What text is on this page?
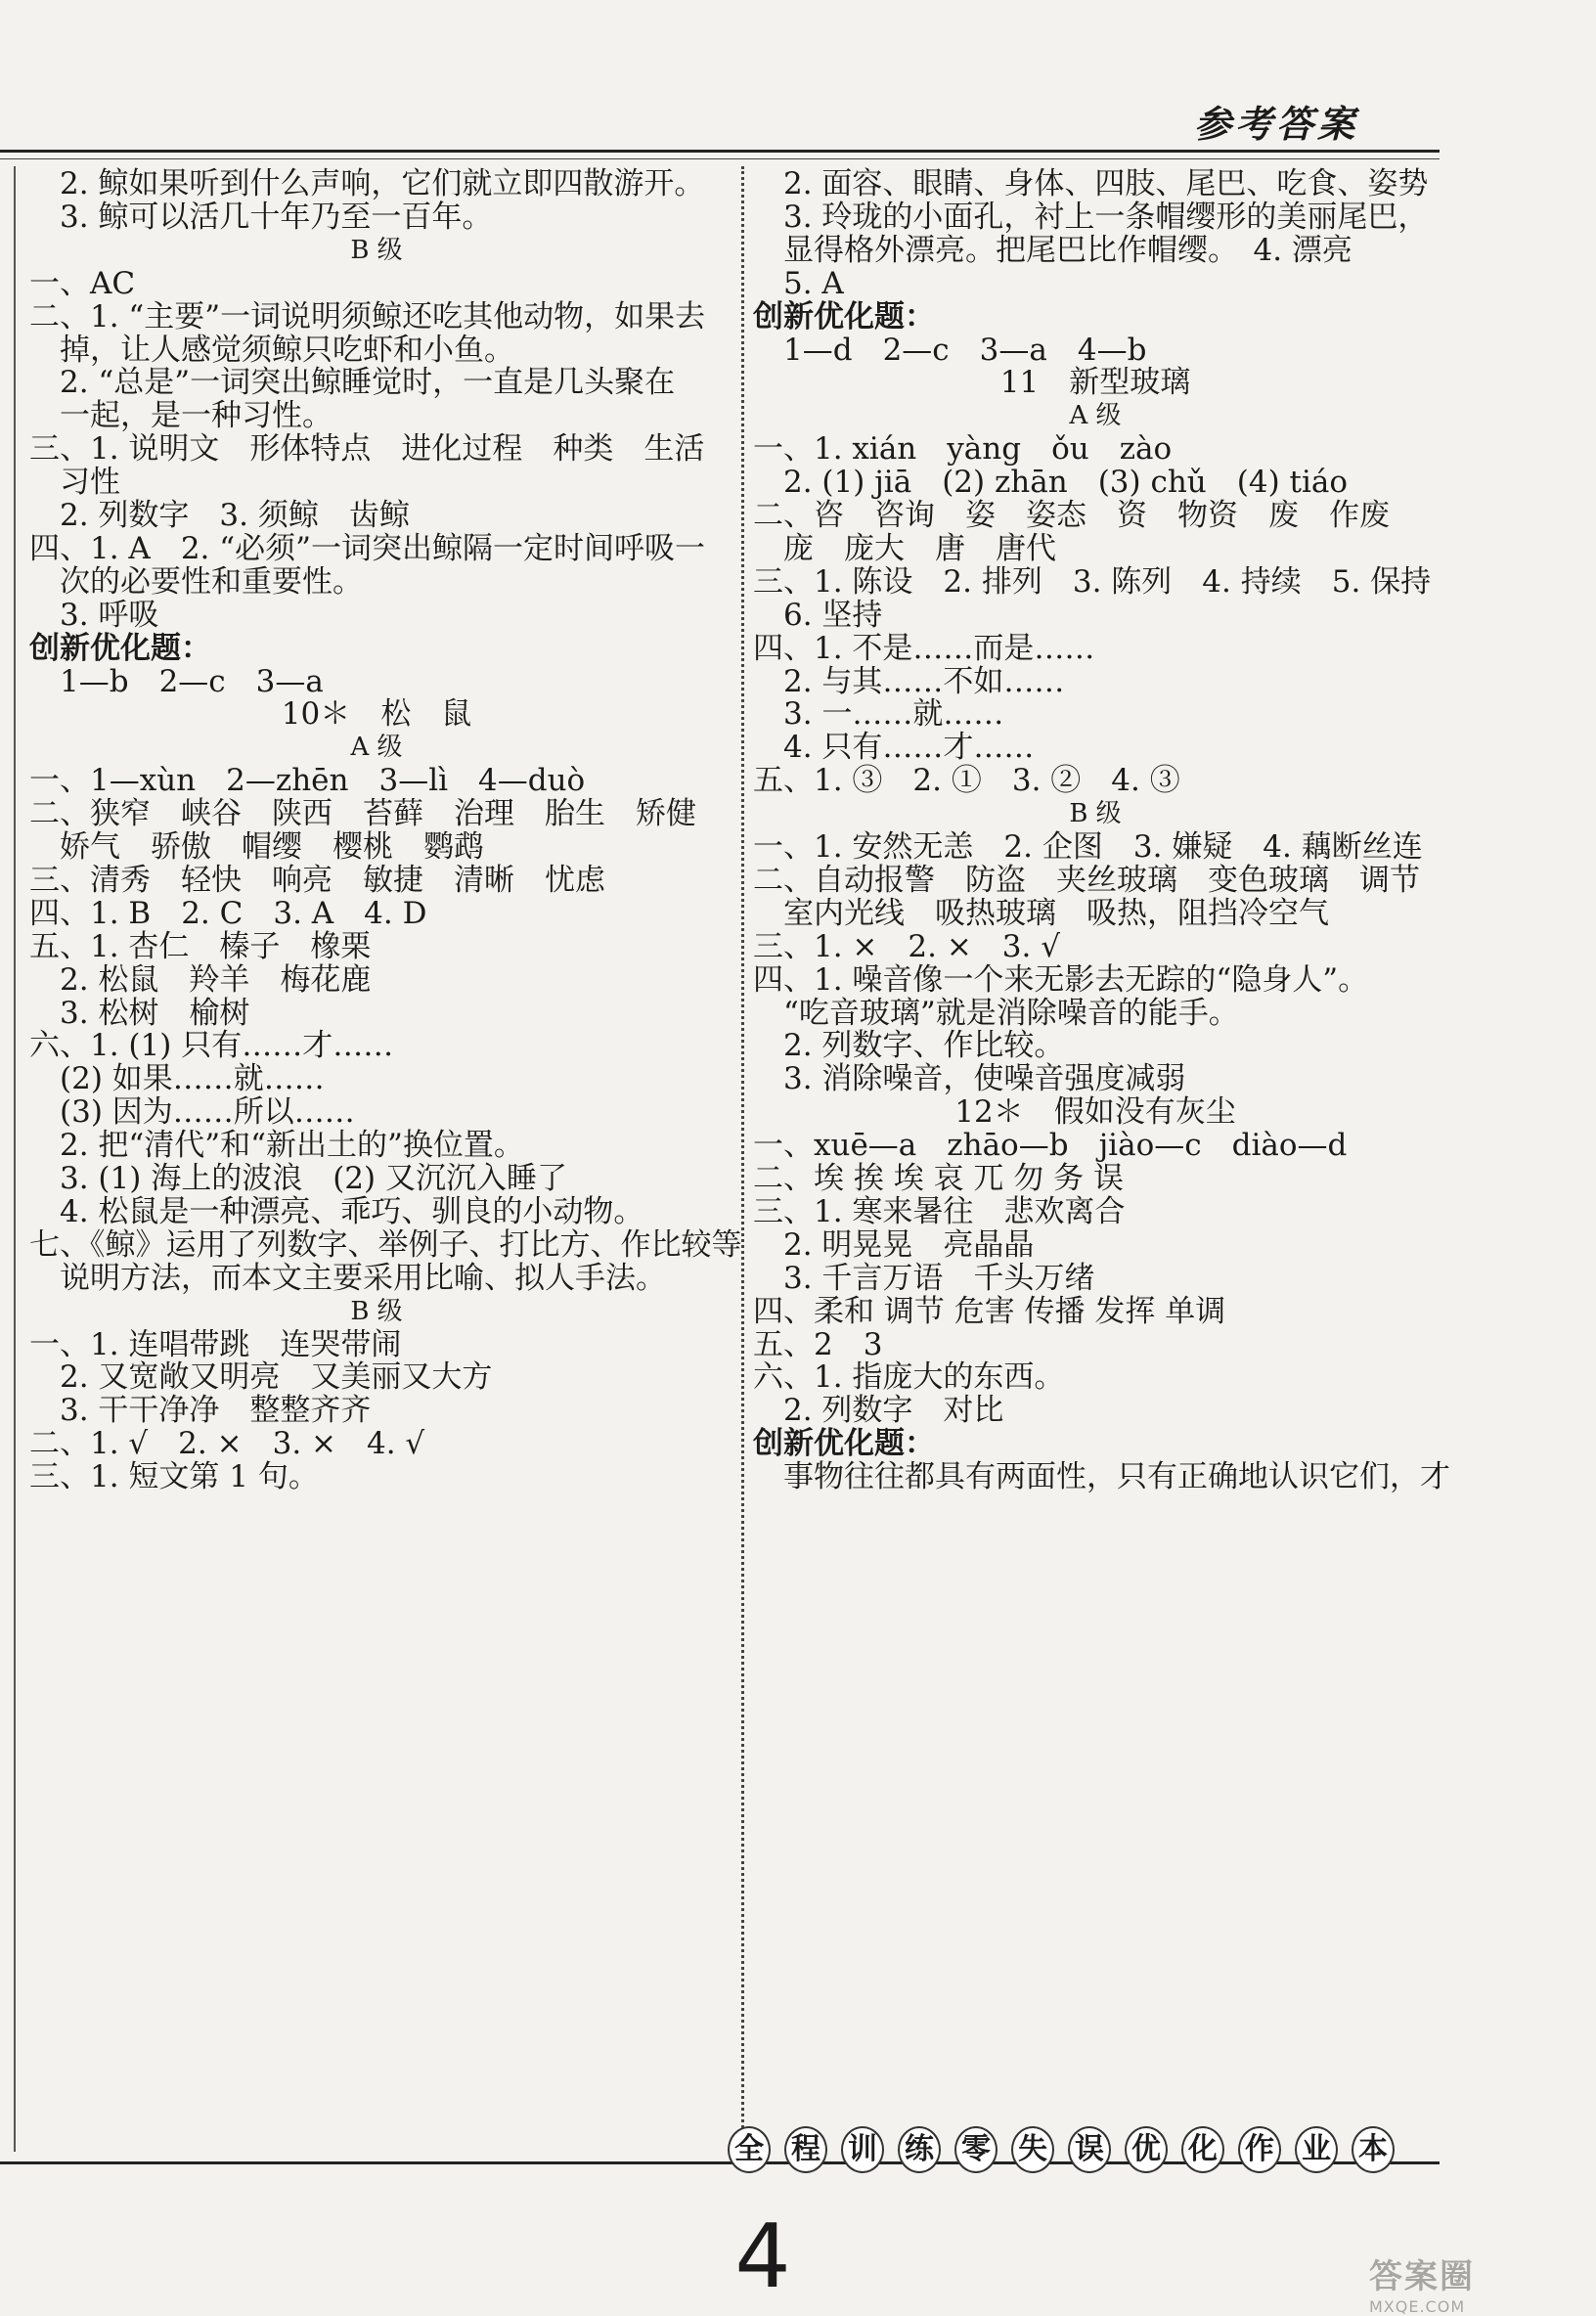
参考答案
　2. 鲸如果听到什么声响，它们就立即四散游开。
　3. 鲸可以活几十年乃至一百年。
B 级
一、AC
二、1. “主要”一词说明须鲸还吃其他动物，如果去
　掉，让人感觉须鲸只吃虾和小鱼。
　2. “总是”一词突出鲸睡觉时，一直是几头聚在
　一起，是一种习性。
三、1. 说明文　形体特点　进化过程　种类　生活
　习性
　2. 列数字　3. 须鲸　齿鲸
四、1. A　2. “必须”一词突出鲸隔一定时间呼吸一
　次的必要性和重要性。
　3. 呼吸
创新优化题：
　1—b　2—c　3—a
10＊　松　鼠
A 级
一、1—xùn　2—zhēn　3—lì　4—duò
二、狭窄　峡谷　陕西　苔藓　治理　胎生　矫健
　娇气　骄傲　帽缨　樱桃　鹦鹉
三、清秀　轻快　响亮　敏捷　清晰　忧虑
四、1. B　2. C　3. A　4. D
五、1. 杏仁　榛子　橡栗
　2. 松鼠　羚羊　梅花鹿
　3. 松树　榆树
六、1. (1) 只有……才……
　(2) 如果……就……
　(3) 因为……所以……
　2. 把“清代”和“新出土的”换位置。
　3. (1) 海上的波浪　(2) 又沉沉入睡了
　4. 松鼠是一种漂亮、乖巧、驯良的小动物。
七、《鲸》运用了列数字、举例子、打比方、作比较等
　说明方法，而本文主要采用比喻、拟人手法。
B 级
一、1. 连唱带跳　连哭带闹
　2. 又宽敞又明亮　又美丽又大方
　3. 干干净净　整整齐齐
二、1. √　2. ×　3. ×　4. √
三、1. 短文第 1 句。
　2. 面容、眼睛、身体、四肢、尾巴、吃食、姿势
　3. 玲珑的小面孔，衬上一条帽缨形的美丽尾巴，
　显得格外漂亮。把尾巴比作帽缨。　4. 漂亮
　5. A
创新优化题：
　1—d　2—c　3—a　4—b
11　新型玻璃
A 级
一、1. xián　yàng　ǒu　zào
　2. (1) jiā　(2) zhān　(3) chǔ　(4) tiáo
二、咨　咨询　姿　姿态　资　物资　废　作废
　庞　庞大　唐　唐代
三、1. 陈设　2. 排列　3. 陈列　4. 持续　5. 保持
　6. 坚持
四、1. 不是……而是……
　2. 与其……不如……
　3. 一……就……
　4. 只有……才……
五、1. ③　2. ①　3. ②　4. ③
B 级
一、1. 安然无恙　2. 企图　3. 嫌疑　4. 藕断丝连
二、自动报警　防盗　夹丝玻璃　变色玻璃　调节
　室内光线　吸热玻璃　吸热，阻挡冷空气
三、1. ×　2. ×　3. √
四、1. 噪音像一个来无影去无踪的“隐身人”。
　“吃音玻璃”就是消除噪音的能手。
　2. 列数字、作比较。
　3. 消除噪音，使噪音强度减弱
12＊　假如没有灰尘
一、xuē—a　zhāo—b　jiào—c　diào—d
二、埃 挨 埃 哀 兀 勿 务 误
三、1. 寒来暑往　悲欢离合
　2. 明晃晃　亮晶晶
　3. 千言万语　千头万绪
四、柔和 调节 危害 传播 发挥 单调
五、2　3
六、1. 指庞大的东西。
　2. 列数字　对比
创新优化题：
　事物往往都具有两面性，只有正确地认识它们，才
全 程 训 练 零 失 误 优 化 作 业 本
4	答案圈
MXQE.COM
